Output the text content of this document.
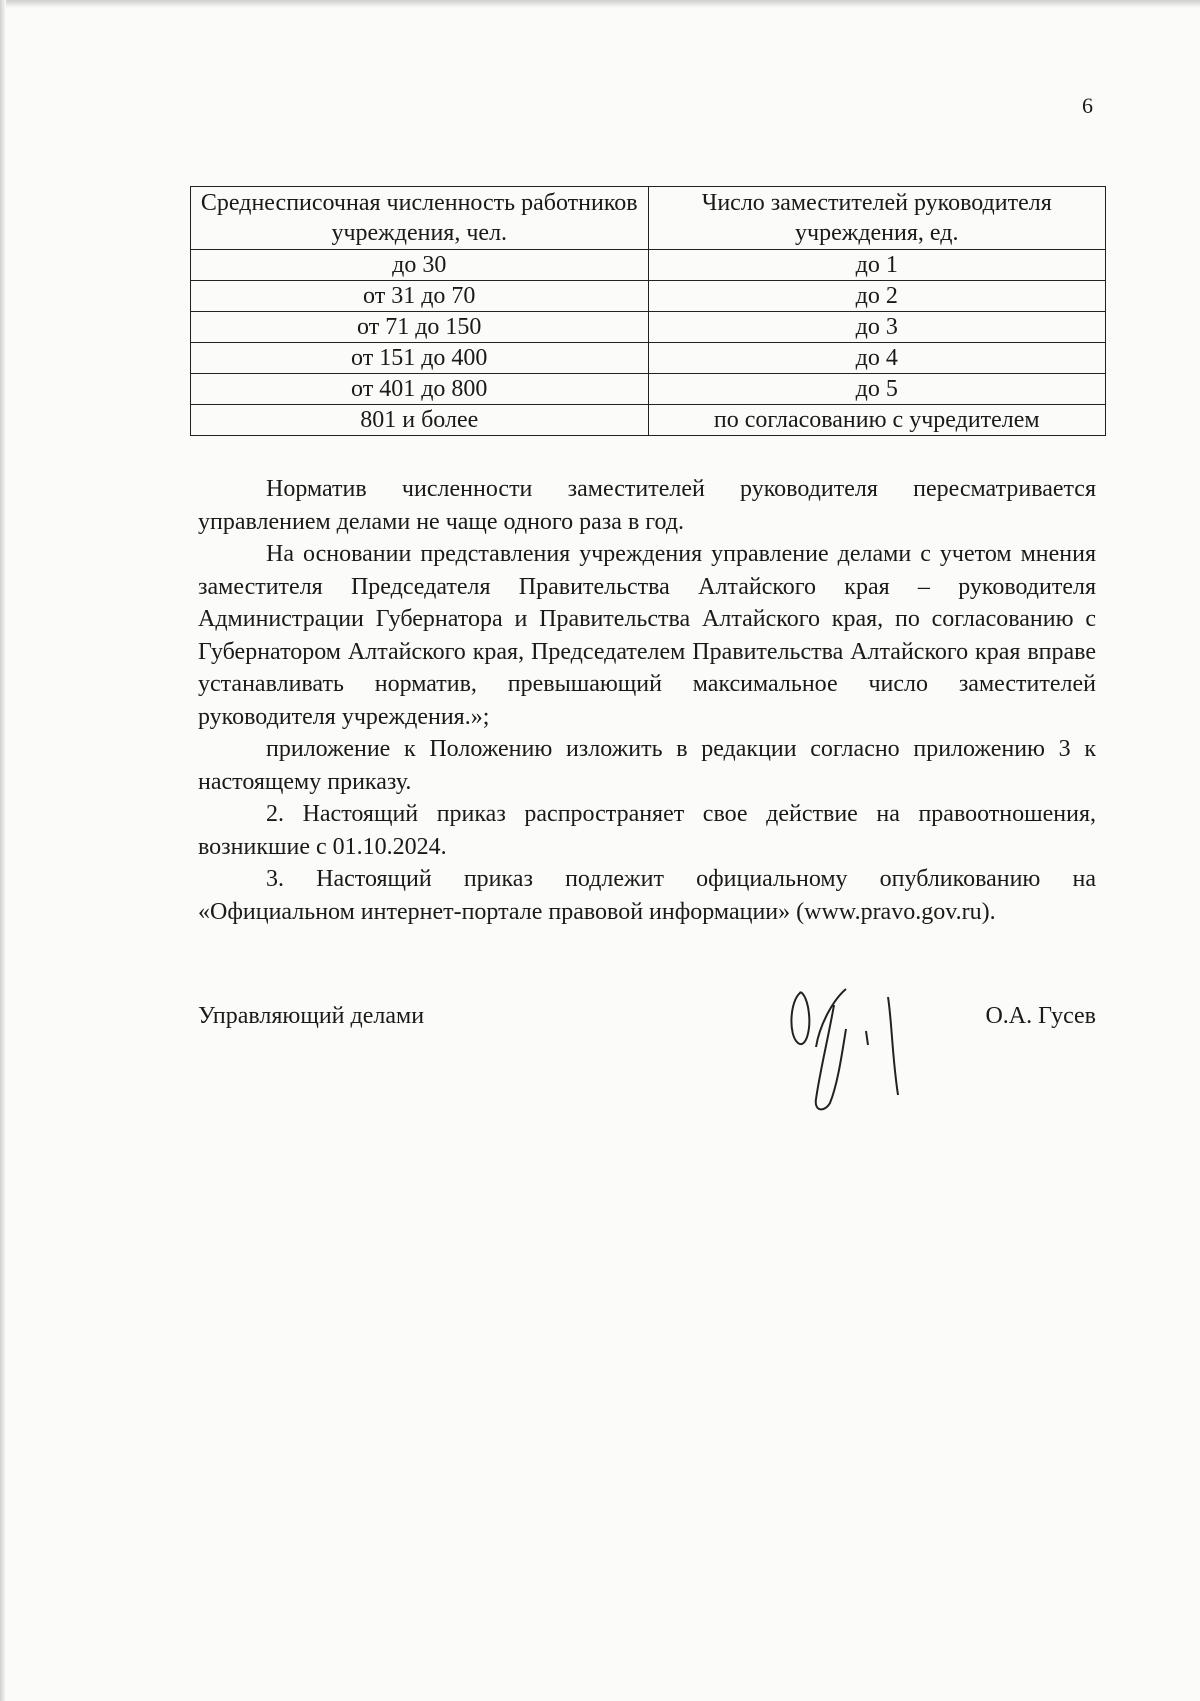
6
Среднесписочная численность работников учреждения, чел.	Число заместителей руководителя учреждения, ед.
до 30	до 1
от 31 до 70	до 2
от 71 до 150	до 3
от 151 до 400	до 4
от 401 до 800	до 5
801 и более	по согласованию с учредителем

Норматив численности заместителей руководителя пересматривается управлением делами не чаще одного раза в год.

На основании представления учреждения управление делами с учетом мнения заместителя Председателя Правительства Алтайского края – руководителя Администрации Губернатора и Правительства Алтайского края, по согласованию с Губернатором Алтайского края, Председателем Правительства Алтайского края вправе устанавливать норматив, превышающий максимальное число заместителей руководителя учреждения.»;

приложение к Положению изложить в редакции согласно приложению 3 к настоящему приказу.

2. Настоящий приказ распространяет свое действие на правоотношения, возникшие с 01.10.2024.

3. Настоящий приказ подлежит официальному опубликованию на «Официальном интернет-портале правовой информации» (www.pravo.gov.ru).

Управляющий делами	О.А. Гусев
